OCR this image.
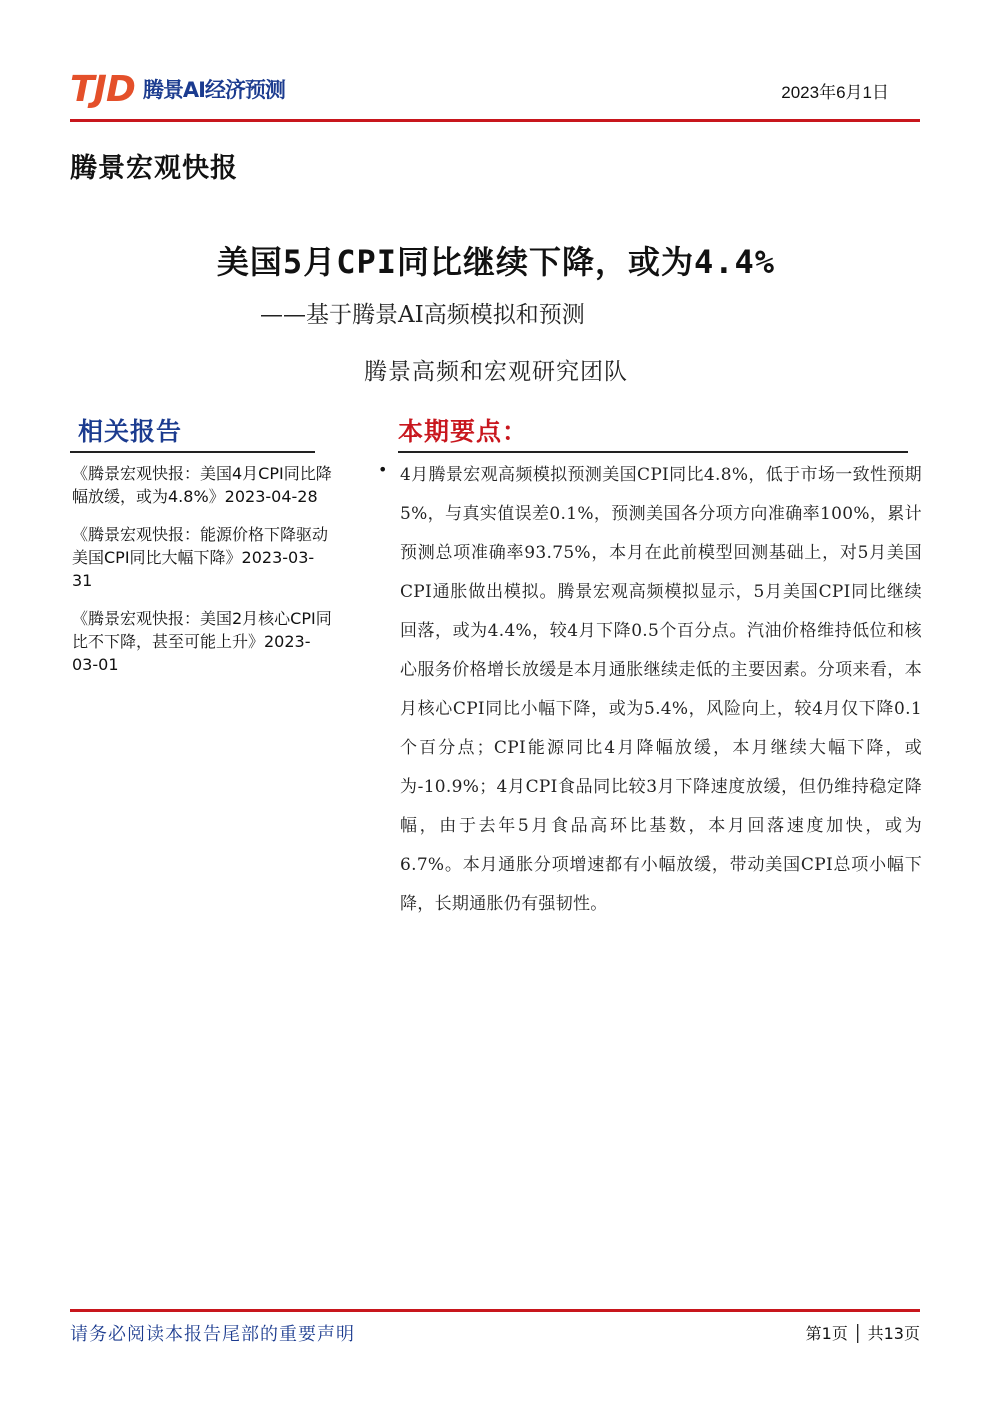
TJD 腾景AI经济预测	2023年6月1日
腾景宏观快报
美国5月CPI同比继续下降，或为4.4%
——基于腾景AI高频模拟和预测
腾景高频和宏观研究团队
相关报告
《腾景宏观快报：美国4月CPI同比降幅放缓，或为4.8%》2023-04-28
《腾景宏观快报：能源价格下降驱动美国CPI同比大幅下降》2023-03-31
《腾景宏观快报：美国2月核心CPI同比不下降，甚至可能上升》2023-03-01
本期要点：
• 4月腾景宏观高频模拟预测美国CPI同比4.8%，低于市场一致性预期5%，与真实值误差0.1%，预测美国各分项方向准确率100%，累计预测总项准确率93.75%，本月在此前模型回测基础上，对5月美国CPI通胀做出模拟。腾景宏观高频模拟显示，5月美国CPI同比继续回落，或为4.4%，较4月下降0.5个百分点。汽油价格维持低位和核心服务价格增长放缓是本月通胀继续走低的主要因素。分项来看，本月核心CPI同比小幅下降，或为5.4%，风险向上，较4月仅下降0.1个百分点；CPI能源同比4月降幅放缓，本月继续大幅下降，或为-10.9%；4月CPI食品同比较3月下降速度放缓，但仍维持稳定降幅，由于去年5月食品高环比基数，本月回落速度加快，或为6.7%。本月通胀分项增速都有小幅放缓，带动美国CPI总项小幅下降，长期通胀仍有强韧性。
请务必阅读本报告尾部的重要声明	第1页 │ 共13页
